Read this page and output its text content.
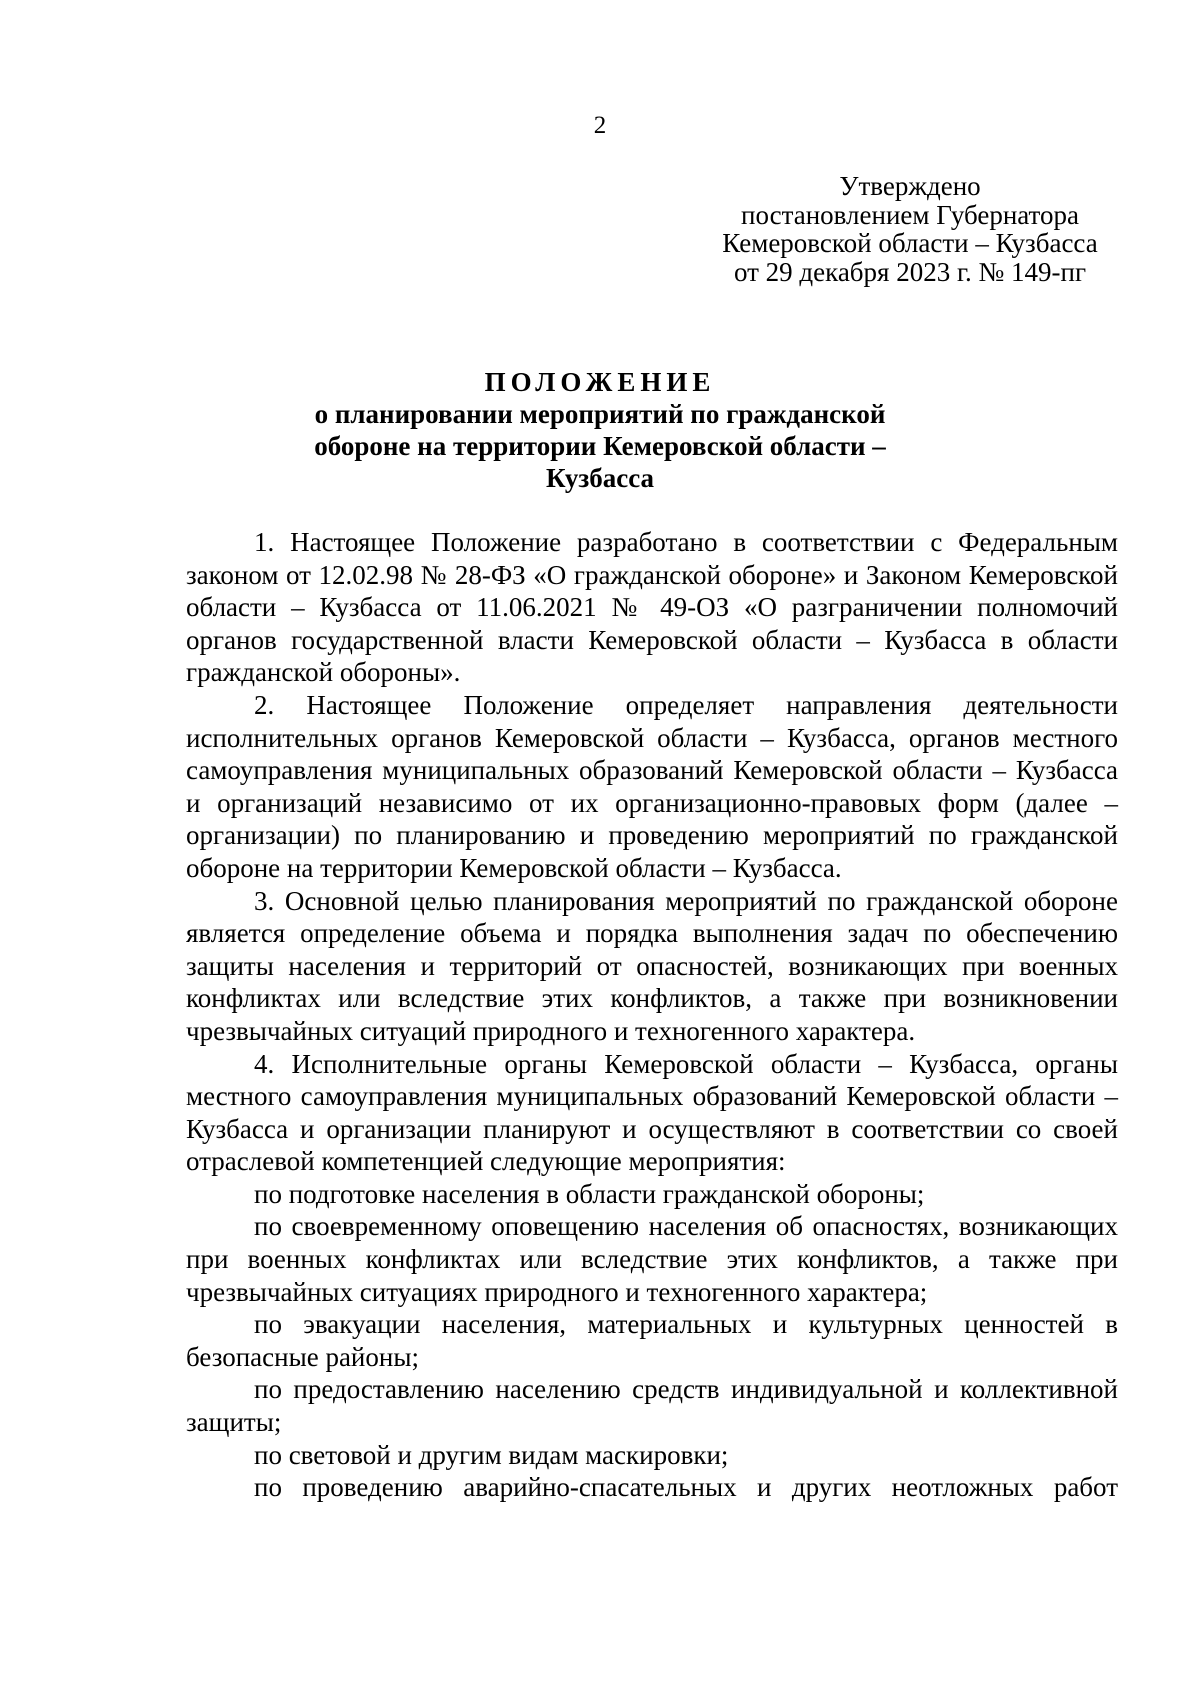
2
Утверждено
постановлением Губернатора
Кемеровской области – Кузбасса
от 29 декабря 2023 г. № 149-пг
ПОЛОЖЕНИЕ
о планировании мероприятий по гражданской
обороне на территории Кемеровской области –
Кузбасса

1. Настоящее Положение разработано в соответствии с Федеральным законом от 12.02.98 № 28-ФЗ «О гражданской обороне» и Законом Кемеровской области – Кузбасса от 11.06.2021 № 49-ОЗ «О разграничении полномочий органов государственной власти Кемеровской области – Кузбасса в области гражданской обороны».

2. Настоящее Положение определяет направления деятельности исполнительных органов Кемеровской области – Кузбасса, органов местного самоуправления муниципальных образований Кемеровской области – Кузбасса и организаций независимо от их организационно-правовых форм (далее – организации) по планированию и проведению мероприятий по гражданской обороне на территории Кемеровской области – Кузбасса.

3. Основной целью планирования мероприятий по гражданской обороне является определение объема и порядка выполнения задач по обеспечению защиты населения и территорий от опасностей, возникающих при военных конфликтах или вследствие этих конфликтов, а также при возникновении чрезвычайных ситуаций природного и техногенного характера.

4. Исполнительные органы Кемеровской области – Кузбасса, органы местного самоуправления муниципальных образований Кемеровской области – Кузбасса и организации планируют и осуществляют в соответствии со своей отраслевой компетенцией следующие мероприятия:

по подготовке населения в области гражданской обороны;

по своевременному оповещению населения об опасностях, возникающих при военных конфликтах или вследствие этих конфликтов, а также при чрезвычайных ситуациях природного и техногенного характера;

по эвакуации населения, материальных и культурных ценностей в безопасные районы;

по предоставлению населению средств индивидуальной и коллективной защиты;

по световой и другим видам маскировки;

по проведению аварийно-спасательных и других неотложных работ
